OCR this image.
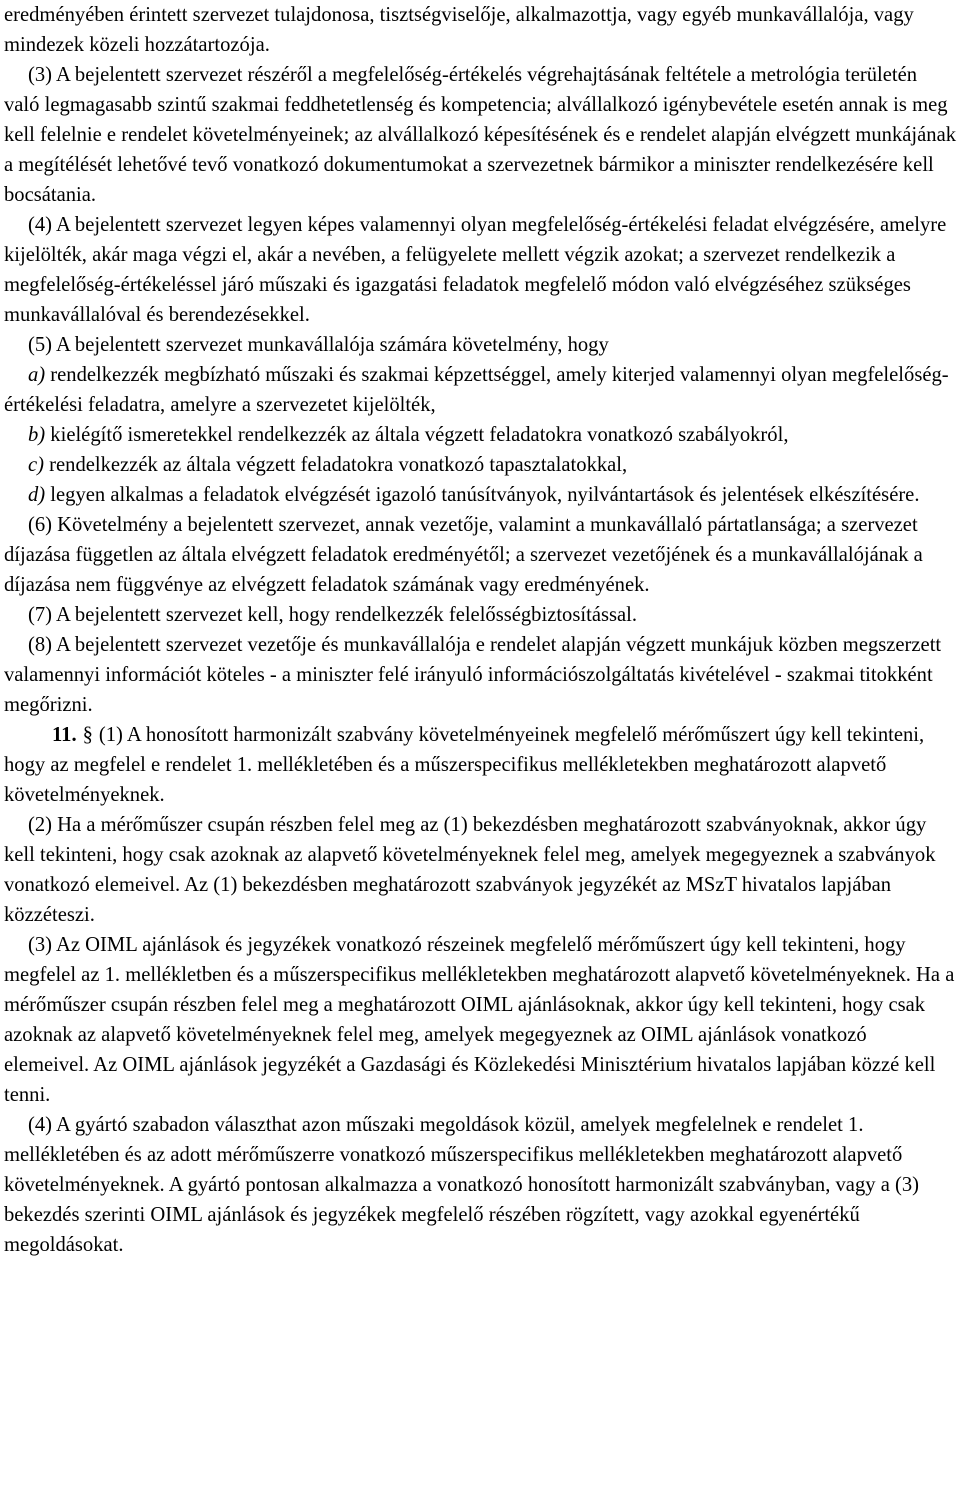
eredményében érintett szervezet tulajdonosa, tisztségviselője, alkalmazottja, vagy egyéb munkavállalója, vagy mindezek közeli hozzátartozója.

(3) A bejelentett szervezet részéről a megfelelőség-értékelés végrehajtásának feltétele a metrológia területén való legmagasabb szintű szakmai feddhetetlenség és kompetencia; alvállalkozó igénybevétele esetén annak is meg kell felelnie e rendelet követelményeinek; az alvállalkozó képesítésének és e rendelet alapján elvégzett munkájának a megítélését lehetővé tevő vonatkozó dokumentumokat a szervezetnek bármikor a miniszter rendelkezésére kell bocsátania.

(4) A bejelentett szervezet legyen képes valamennyi olyan megfelelőség-értékelési feladat elvégzésére, amelyre kijelölték, akár maga végzi el, akár a nevében, a felügyelete mellett végzik azokat; a szervezet rendelkezik a megfelelőség-értékeléssel járó műszaki és igazgatási feladatok megfelelő módon való elvégzéséhez szükséges munkavállalóval és berendezésekkel.

(5) A bejelentett szervezet munkavállalója számára követelmény, hogy

a) rendelkezzék megbízható műszaki és szakmai képzettséggel, amely kiterjed valamennyi olyan megfelelőség-értékelési feladatra, amelyre a szervezetet kijelölték,

b) kielégítő ismeretekkel rendelkezzék az általa végzett feladatokra vonatkozó szabályokról,

c) rendelkezzék az általa végzett feladatokra vonatkozó tapasztalatokkal,

d) legyen alkalmas a feladatok elvégzését igazoló tanúsítványok, nyilvántartások és jelentések elkészítésére.

(6) Követelmény a bejelentett szervezet, annak vezetője, valamint a munkavállaló pártatlansága; a szervezet díjazása független az általa elvégzett feladatok eredményétől; a szervezet vezetőjének és a munkavállalójának a díjazása nem függvénye az elvégzett feladatok számának vagy eredményének.

(7) A bejelentett szervezet kell, hogy rendelkezzék felelősségbiztosítással.

(8) A bejelentett szervezet vezetője és munkavállalója e rendelet alapján végzett munkájuk közben megszerzett valamennyi információt köteles - a miniszter felé irányuló információszolgáltatás kivételével - szakmai titokként megőrizni.

11. § (1) A honosított harmonizált szabvány követelményeinek megfelelő mérőműszert úgy kell tekinteni, hogy az megfelel e rendelet 1. mellékletében és a műszerspecifikus mellékletekben meghatározott alapvető követelményeknek.

(2) Ha a mérőműszer csupán részben felel meg az (1) bekezdésben meghatározott szabványoknak, akkor úgy kell tekinteni, hogy csak azoknak az alapvető követelményeknek felel meg, amelyek megegyeznek a szabványok vonatkozó elemeivel. Az (1) bekezdésben meghatározott szabványok jegyzékét az MSzT hivatalos lapjában közzéteszi.

(3) Az OIML ajánlások és jegyzékek vonatkozó részeinek megfelelő mérőműszert úgy kell tekinteni, hogy megfelel az 1. mellékletben és a műszerspecifikus mellékletekben meghatározott alapvető követelményeknek. Ha a mérőműszer csupán részben felel meg a meghatározott OIML ajánlásoknak, akkor úgy kell tekinteni, hogy csak azoknak az alapvető követelményeknek felel meg, amelyek megegyeznek az OIML ajánlások vonatkozó elemeivel. Az OIML ajánlások jegyzékét a Gazdasági és Közlekedési Minisztérium hivatalos lapjában közzé kell tenni.

(4) A gyártó szabadon választhat azon műszaki megoldások közül, amelyek megfelelnek e rendelet 1. mellékletében és az adott mérőműszerre vonatkozó műszerspecifikus mellékletekben meghatározott alapvető követelményeknek. A gyártó pontosan alkalmazza a vonatkozó honosított harmonizált szabványban, vagy a (3) bekezdés szerinti OIML ajánlások és jegyzékek megfelelő részében rögzített, vagy azokkal egyenértékű megoldásokat.
